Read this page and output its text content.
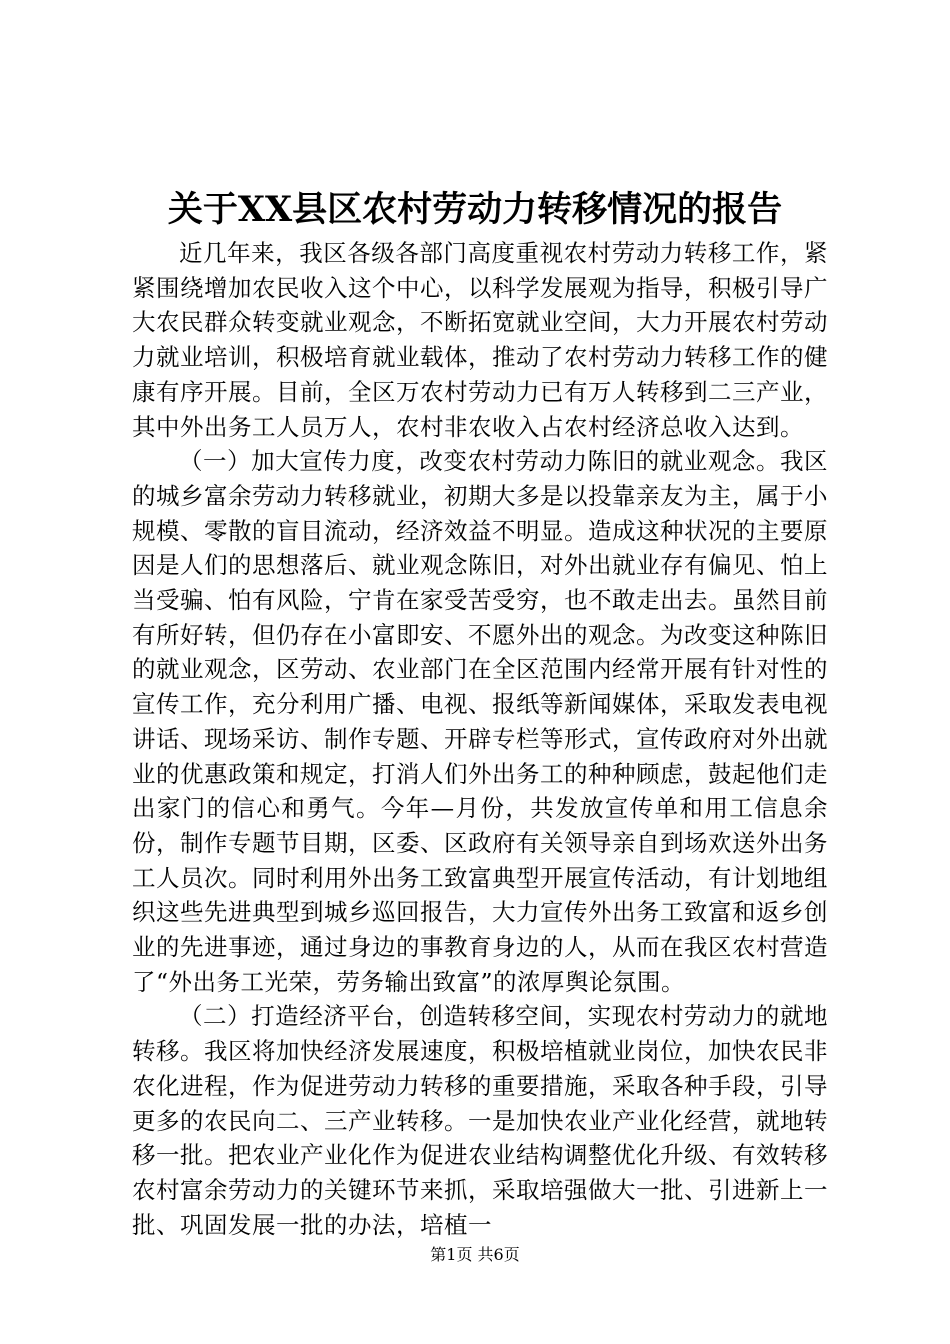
关于XX县区农村劳动力转移情况的报告

近几年来，我区各级各部门高度重视农村劳动力转移工作，紧紧围绕增加农民收入这个中心，以科学发展观为指导，积极引导广大农民群众转变就业观念，不断拓宽就业空间，大力开展农村劳动力就业培训，积极培育就业载体，推动了农村劳动力转移工作的健康有序开展。目前，全区万农村劳动力已有万人转移到二三产业，其中外出务工人员万人，农村非农收入占农村经济总收入达到。

（一）加大宣传力度，改变农村劳动力陈旧的就业观念。我区的城乡富余劳动力转移就业，初期大多是以投靠亲友为主，属于小规模、零散的盲目流动，经济效益不明显。造成这种状况的主要原因是人们的思想落后、就业观念陈旧，对外出就业存有偏见、怕上当受骗、怕有风险，宁肯在家受苦受穷，也不敢走出去。虽然目前有所好转，但仍存在小富即安、不愿外出的观念。为改变这种陈旧的就业观念，区劳动、农业部门在全区范围内经常开展有针对性的宣传工作，充分利用广播、电视、报纸等新闻媒体，采取发表电视讲话、现场采访、制作专题、开辟专栏等形式，宣传政府对外出就业的优惠政策和规定，打消人们外出务工的种种顾虑，鼓起他们走出家门的信心和勇气。今年—月份，共发放宣传单和用工信息余份，制作专题节目期，区委、区政府有关领导亲自到场欢送外出务工人员次。同时利用外出务工致富典型开展宣传活动，有计划地组织这些先进典型到城乡巡回报告，大力宣传外出务工致富和返乡创业的先进事迹，通过身边的事教育身边的人，从而在我区农村营造了“外出务工光荣，劳务输出致富”的浓厚舆论氛围。

（二）打造经济平台，创造转移空间，实现农村劳动力的就地转移。我区将加快经济发展速度，积极培植就业岗位，加快农民非农化进程，作为促进劳动力转移的重要措施，采取各种手段，引导更多的农民向二、三产业转移。一是加快农业产业化经营，就地转移一批。把农业产业化作为促进农业结构调整优化升级、有效转移农村富余劳动力的关键环节来抓，采取培强做大一批、引进新上一批、巩固发展一批的办法，培植一

第1页 共6页
